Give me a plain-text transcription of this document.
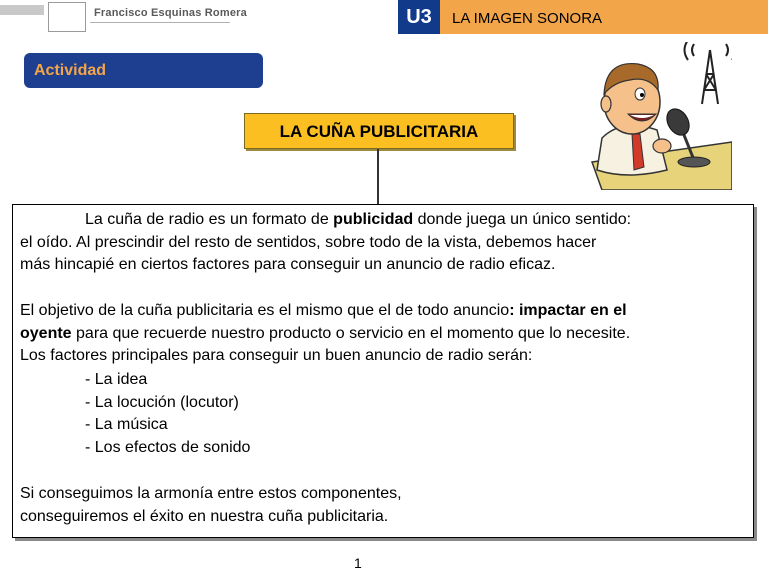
Francisco Esquinas Romera	U3	LA IMAGEN SONORA
Actividad
LA CUÑA PUBLICITARIA
La cuña de radio es un formato de publicidad donde juega un único sentido:
el oído. Al prescindir del resto de sentidos, sobre todo de la vista, debemos hacer
más hincapié en ciertos factores para conseguir un anuncio de radio eficaz.
El objetivo de la cuña publicitaria es el mismo que el de todo anuncio: impactar en el
oyente para que recuerde nuestro producto o servicio en el momento que lo necesite.
Los factores principales para conseguir un buen anuncio de radio serán:
- La idea
- La locución (locutor)
- La música
- Los efectos de sonido
Si conseguimos la armonía entre estos componentes,
conseguiremos el éxito en nuestra cuña publicitaria.
1
